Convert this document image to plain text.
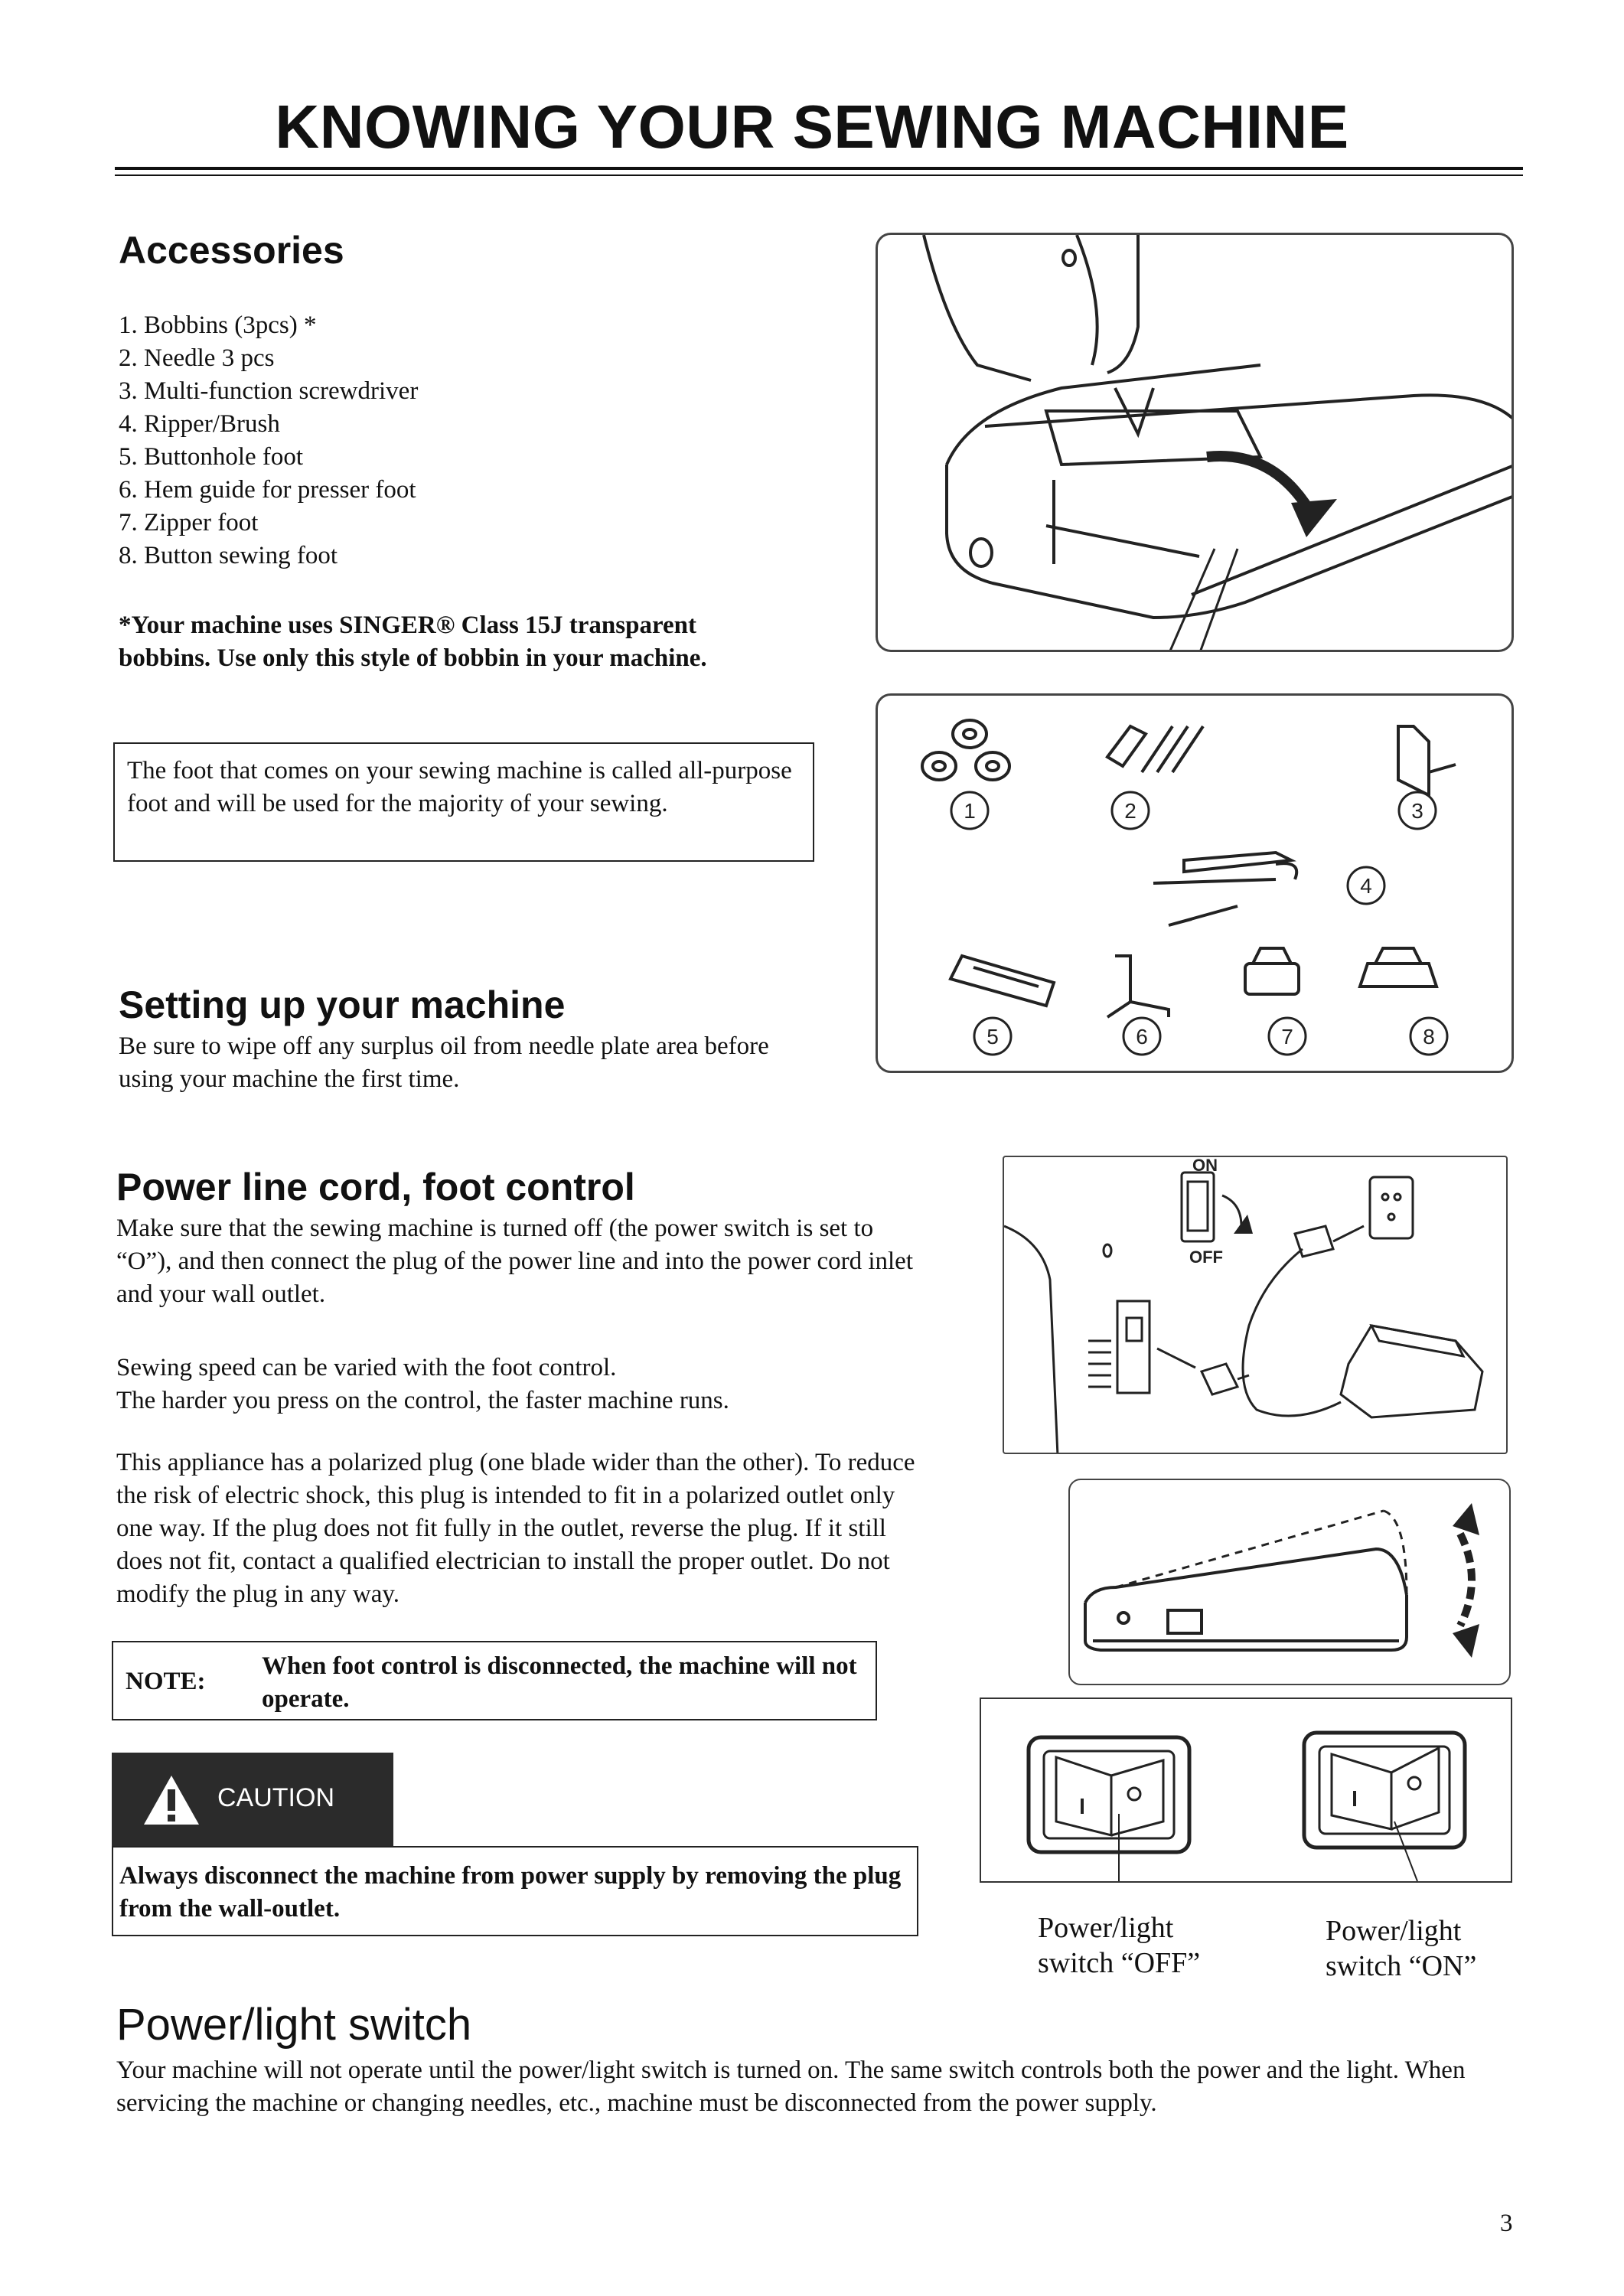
KNOWING YOUR SEWING MACHINE
Accessories
1. Bobbins (3pcs) *
2. Needle 3 pcs
3. Multi-function screwdriver
4. Ripper/Brush
5. Buttonhole foot
6. Hem guide for presser foot
7. Zipper foot
8. Button sewing foot
*Your machine uses SINGER® Class 15J transparent
bobbins. Use only this style of bobbin in your machine.
The foot that comes on your sewing machine is called all-purpose foot and will be used for the majority of your sewing.
Setting up your machine
Be sure to wipe off any surplus oil from needle plate area before using your machine the first time.
Power line cord, foot control
Make sure that the sewing machine is turned off (the power switch is set to “O”), and then connect the plug of the power line and into the power cord inlet and your wall outlet.
Sewing speed can be varied with the foot control.
The harder you press on the control, the faster machine runs.
This appliance has a polarized plug (one blade wider than the other). To reduce the risk of electric shock, this plug is intended to fit in a polarized outlet only one way. If the plug does not fit fully in the outlet, reverse the plug. If it still does not fit, contact a qualified electrician to install the proper outlet. Do not modify the plug in any way.
NOTE:
When foot control is disconnected, the machine will not operate.
CAUTION
Always disconnect the machine from power supply by removing the plug from the wall-outlet.
Power/light switch
Your machine will not operate until the power/light switch is turned on. The same switch controls both the power and the light. When servicing the machine or changing needles, etc., machine must be disconnected from the power supply.
3
1	2	3
4
5	6	7	8
ON
OFF
Power/light
switch “OFF”
Power/light
switch “ON”
